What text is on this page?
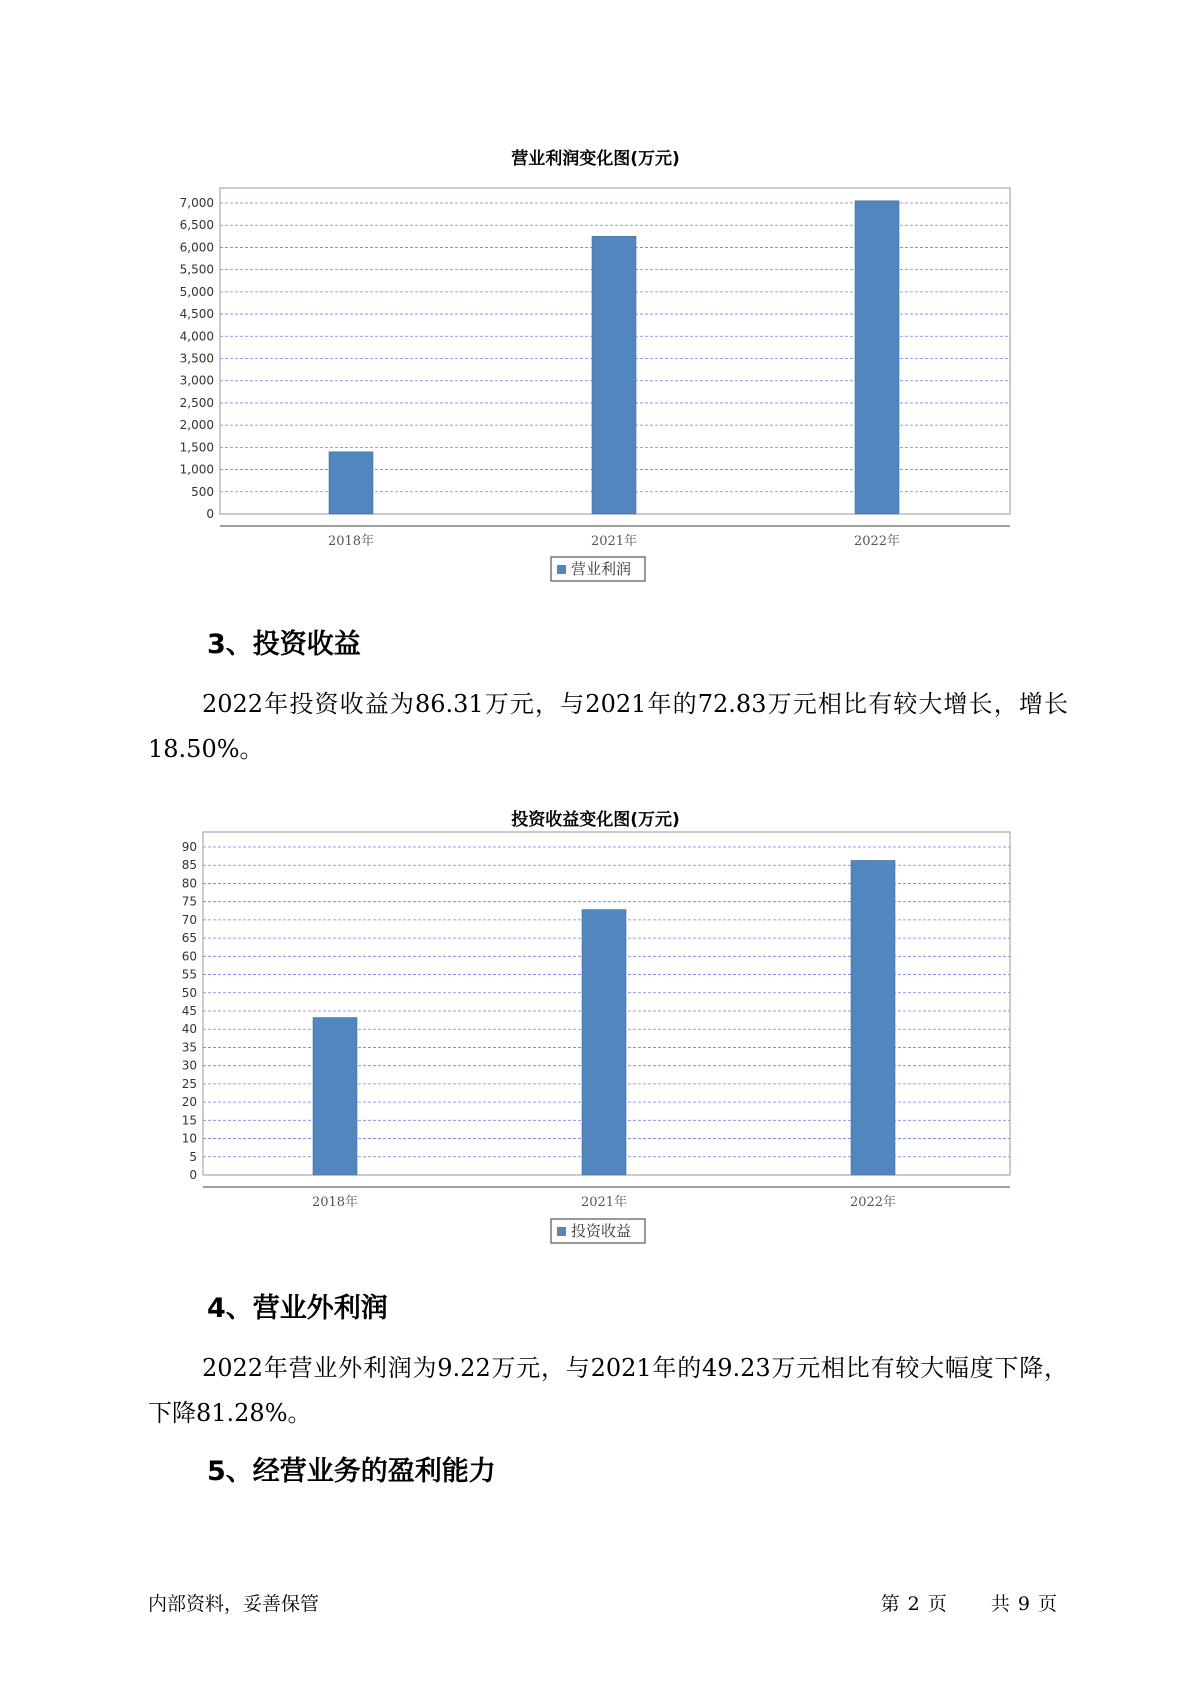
营业利润变化图(万元)
0
500
1,000
1,500
2,000
2,500
3,000
3,500
4,000
4,500
5,000
5,500
6,000
6,500
7,000
2018年	2021年	2022年
营业利润
3、投资收益
2022年投资收益为86.31万元，与2021年的72.83万元相比有较大增长，增长18.50%。
投资收益变化图(万元)
0
5
10
15
20
25
30
35
40
45
50
55
60
65
70
75
80
85
90
2018年	2021年	2022年
投资收益
4、营业外利润
2022年营业外利润为9.22万元，与2021年的49.23万元相比有较大幅度下降，下降81.28%。
5、经营业务的盈利能力
内部资料，妥善保管	第 2 页 共 9 页
